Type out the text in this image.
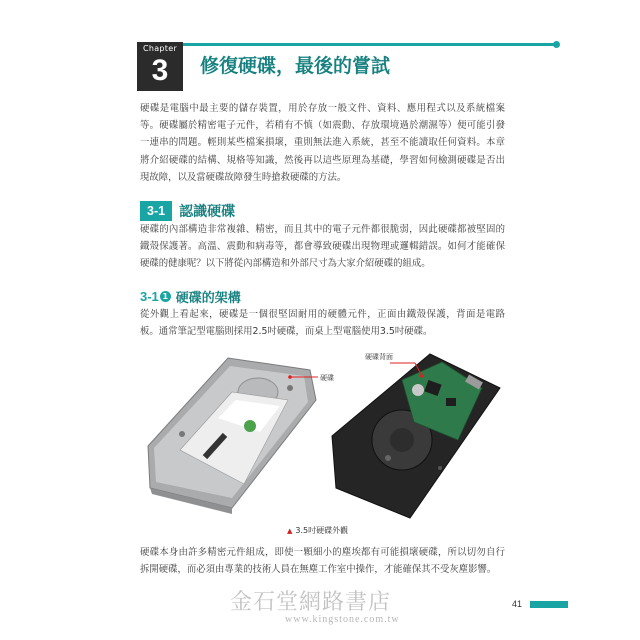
Chapter
3	修復硬碟，最後的嘗試
硬碟是電腦中最主要的儲存裝置，用於存放一般文件、資料、應用程式以及系統檔案等。硬碟屬於精密電子元件，若稍有不慎（如震動、存放環境過於潮濕等）便可能引發一連串的問題。輕則某些檔案損壞，重則無法進入系統，甚至不能讀取任何資料。本章將介紹硬碟的結構、規格等知識，然後再以這些原理為基礎，學習如何檢測硬碟是否出現故障，以及當硬碟故障發生時搶救硬碟的方法。
3-1	認識硬碟
硬碟的內部構造非常複雜、精密，而且其中的電子元件都很脆弱，因此硬碟都被堅固的鐵殼保護著。高溫、震動和病毒等，都會導致硬碟出現物理或邏輯錯誤。如何才能確保硬碟的健康呢？以下將從內部構造和外部尺寸為大家介紹硬碟的組成。
3-1 1 硬碟的架構
從外觀上看起來，硬碟是一個很堅固耐用的硬體元件，正面由鐵殼保護，背面是電路板。通常筆記型電腦則採用2.5吋硬碟，而桌上型電腦使用3.5吋硬碟。
硬碟
硬碟背面
▲ 3.5吋硬碟外觀
硬碟本身由許多精密元件組成，即使一顆細小的塵埃都有可能損壞硬碟，所以切勿自行拆開硬碟，而必須由專業的技術人員在無塵工作室中操作，才能確保其不受灰塵影響。
金石堂網路書店
www.kingstone.com.tw
41
